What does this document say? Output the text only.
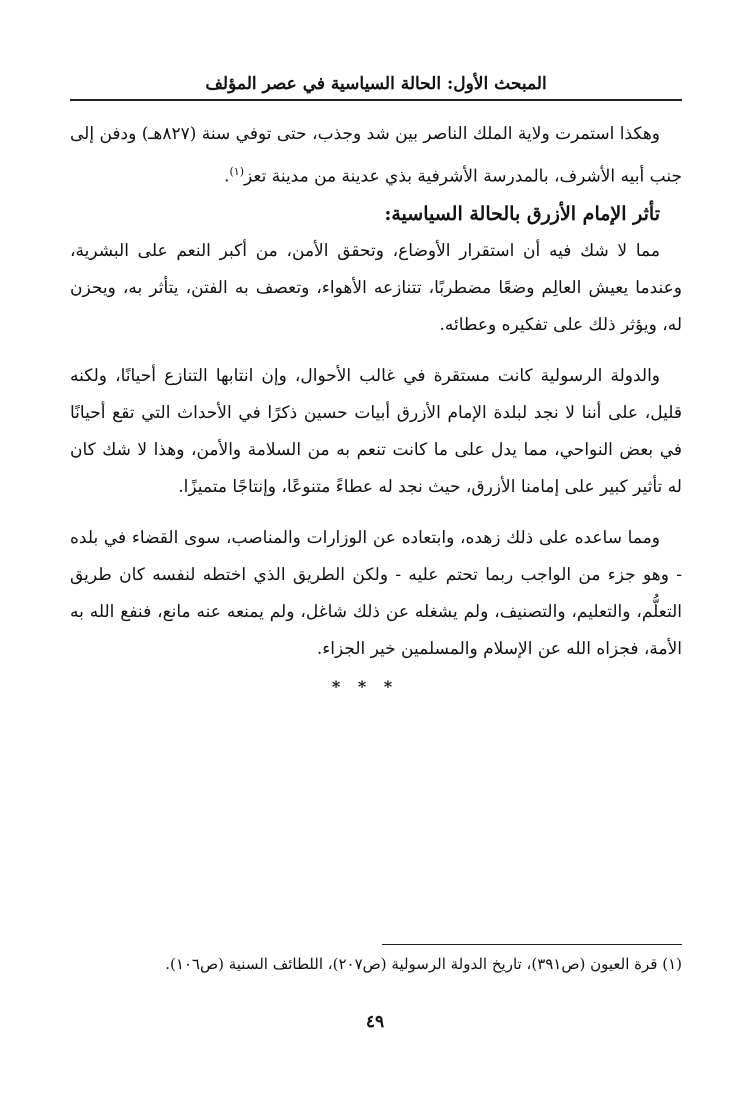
المبحث الأول: الحالة السياسية في عصر المؤلف

وهكذا استمرت ولاية الملك الناصر بين شد وجذب، حتى توفي سنة (٨٢٧هـ) ودفن إلى جنب أبيه الأشرف، بالمدرسة الأشرفية بذي عدينة من مدينة تعز$^{(١)}$.

تأثر الإمام الأزرق بالحالة السياسية:

مما لا شك فيه أن استقرار الأوضاع، وتحقق الأمن، من أكبر النعم على البشرية، وعندما يعيش العالِم وضعًا مضطربًا، تتنازعه الأهواء، وتعصف به الفتن، يتأثر به، ويحزن له، ويؤثر ذلك على تفكيره وعطائه.

والدولة الرسولية كانت مستقرة في غالب الأحوال، وإن انتابها التنازع أحيانًا، ولكنه قليل، على أننا لا نجد لبلدة الإمام الأزرق أبيات حسين ذكرًا في الأحداث التي تقع أحيانًا في بعض النواحي، مما يدل على ما كانت تنعم به من السلامة والأمن، وهذا لا شك كان له تأثير كبير على إمامنا الأزرق، حيث نجد له عطاءً متنوعًا، وإنتاجًا متميزًا.

ومما ساعده على ذلك زهده، وابتعاده عن الوزارات والمناصب، سوى القضاء في بلده - وهو جزء من الواجب ربما تحتم عليه - ولكن الطريق الذي اختطه لنفسه كان طريق التعلُّم، والتعليم، والتصنيف، ولم يشغله عن ذلك شاغل، ولم يمنعه عنه مانع، فنفع الله به الأمة، فجزاه الله عن الإسلام والمسلمين خير الجزاء.

* * *

(١) قرة العيون (ص٣٩١)، تاريخ الدولة الرسولية (ص٢٠٧)، اللطائف السنية (ص١٠٦).
٤٩
